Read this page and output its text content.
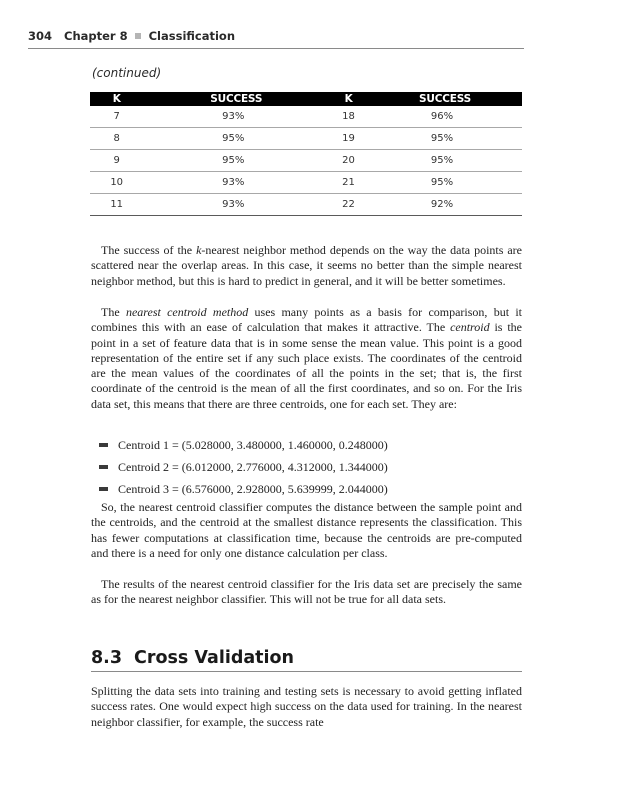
304 Chapter 8 Classification
(continued)
K	SUCCESS	K	SUCCESS
7	93%	18	96%
8	95%	19	95%
9	95%	20	95%
10	93%	21	95%
11	93%	22	92%

The success of the k-nearest neighbor method depends on the way the data points are scattered near the overlap areas. In this case, it seems no better than the simple nearest neighbor method, but this is hard to predict in general, and it will be better sometimes.

The nearest centroid method uses many points as a basis for comparison, but it combines this with an ease of calculation that makes it attractive. The centroid is the point in a set of feature data that is in some sense the mean value. This point is a good representation of the entire set if any such place exists. The coordinates of the centroid are the mean values of the coordinates of all the points in the set; that is, the first coordinate of the centroid is the mean of all the first coordinates, and so on. For the Iris data set, this means that there are three centroids, one for each set. They are:

Centroid 1 = (5.028000, 3.480000, 1.460000, 0.248000)
Centroid 2 = (6.012000, 2.776000, 4.312000, 1.344000)
Centroid 3 = (6.576000, 2.928000, 5.639999, 2.044000)

So, the nearest centroid classifier computes the distance between the sample point and the centroids, and the centroid at the smallest distance represents the classification. This has fewer computations at classification time, because the centroids are pre-computed and there is a need for only one distance calculation per class.

The results of the nearest centroid classifier for the Iris data set are precisely the same as for the nearest neighbor classifier. This will not be true for all data sets.

8.3 Cross Validation

Splitting the data sets into training and testing sets is necessary to avoid getting inflated success rates. One would expect high success on the data used for training. In the nearest neighbor classifier, for example, the success rate
